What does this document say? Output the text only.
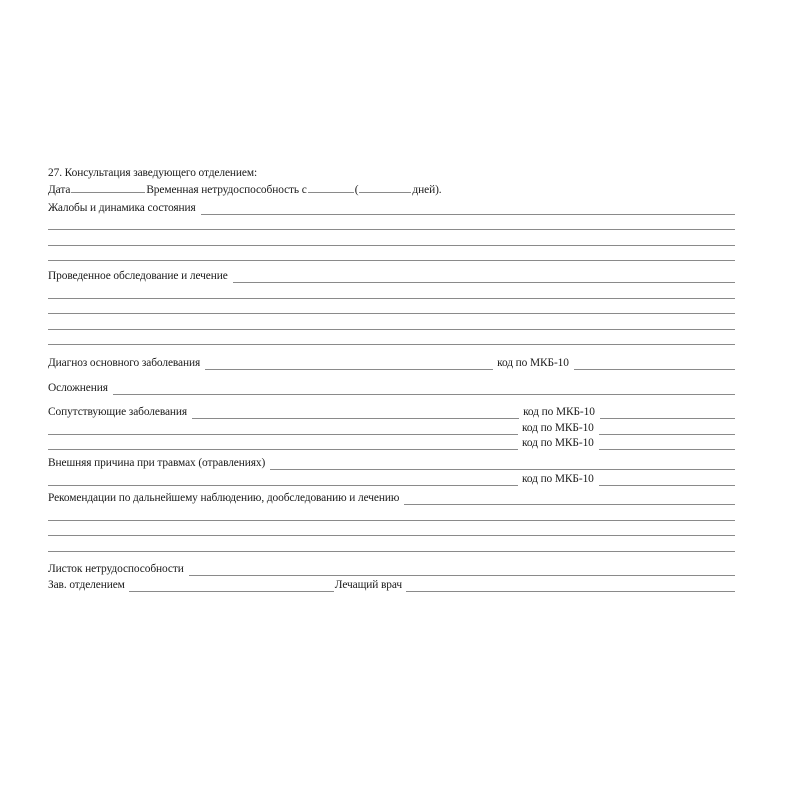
27. Консультация заведующего отделением:
Дата	Временная нетрудоспособность с	(	дней).
Жалобы и динамика состояния
Проведенное обследование и лечение
Диагноз основного заболевания	код по МКБ-10
Осложнения
Сопутствующие заболевания	код по МКБ-10
код по МКБ-10
код по МКБ-10
Внешняя причина при травмах (отравлениях)
код по МКБ-10
Рекомендации по дальнейшему наблюдению, дообследованию и лечению
Листок нетрудоспособности
Зав. отделением	Лечащий врач
